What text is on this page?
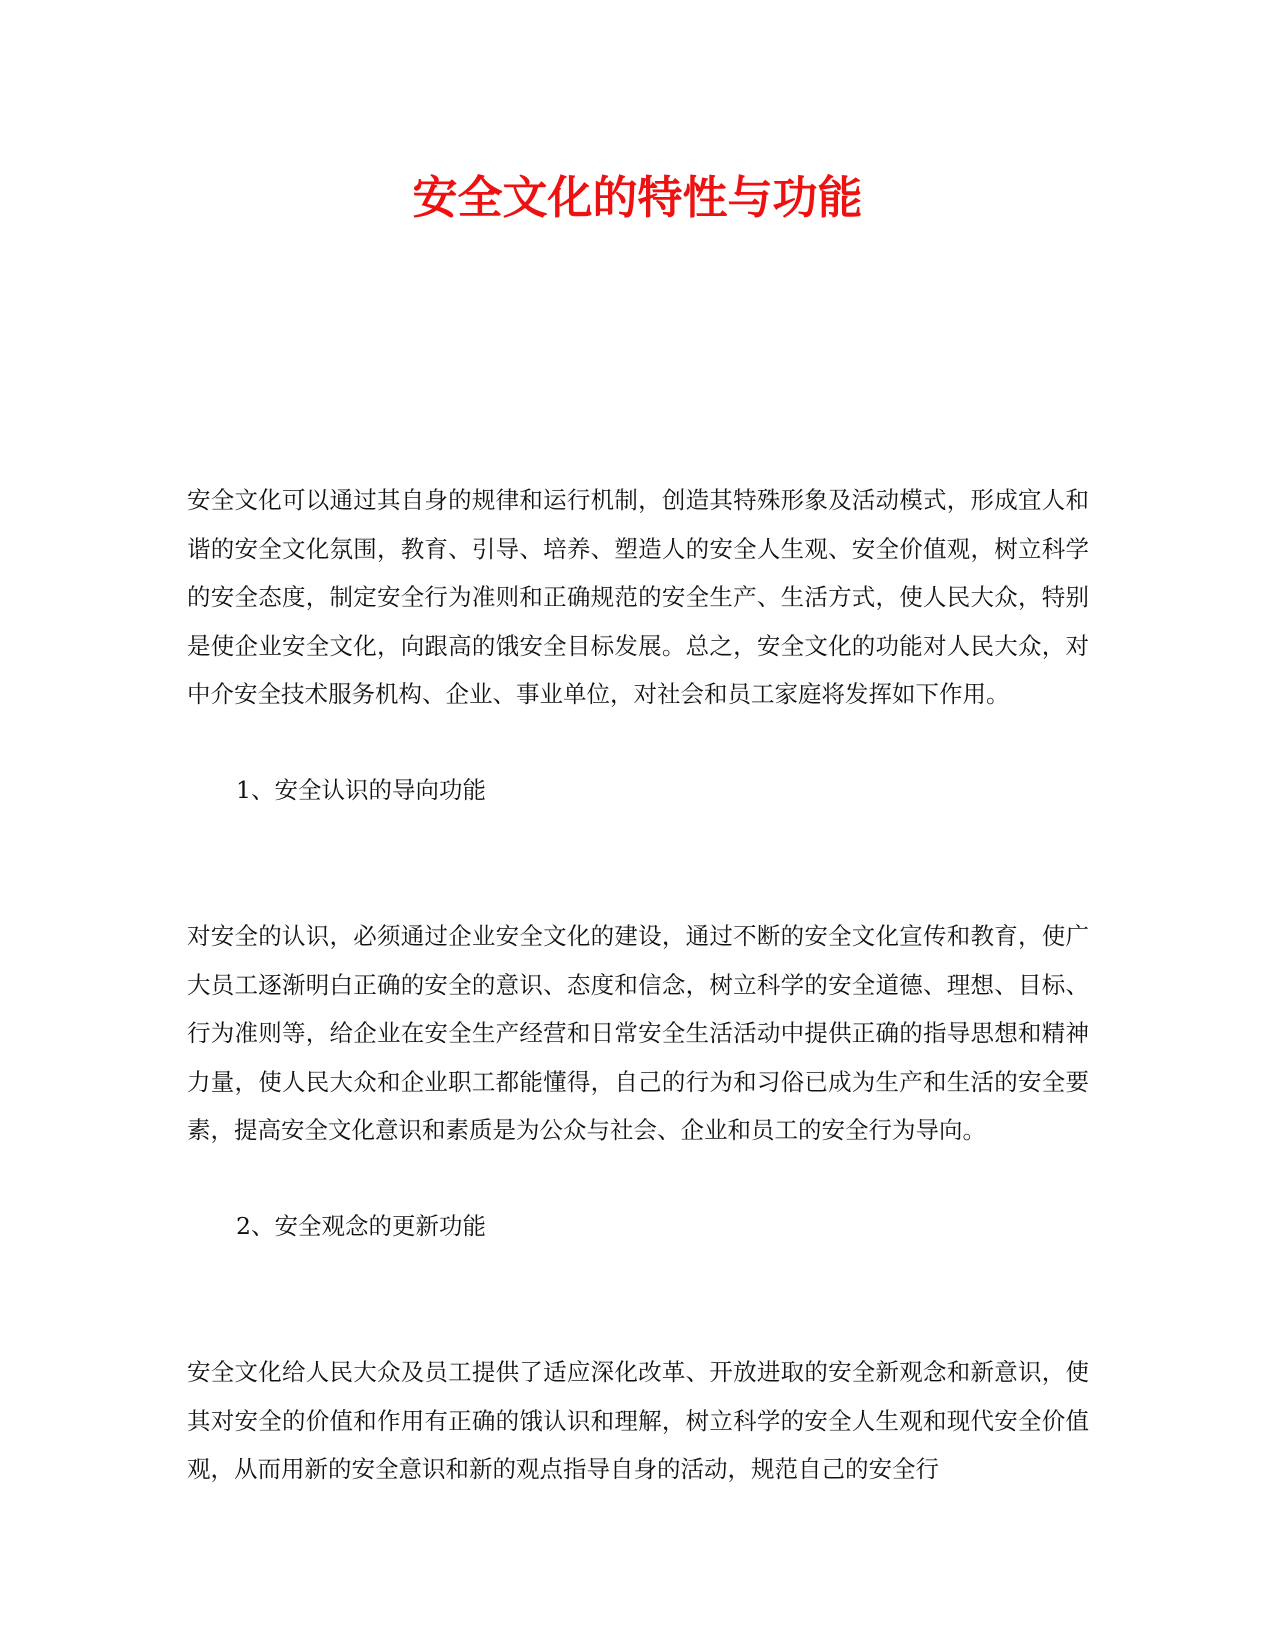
安全文化的特性与功能

安全文化可以通过其自身的规律和运行机制，创造其特殊形象及活动模式，形成宜人和谐的安全文化氛围，教育、引导、培养、塑造人的安全人生观、安全价值观，树立科学的安全态度，制定安全行为准则和正确规范的安全生产、生活方式，使人民大众，特别是使企业安全文化，向跟高的饿安全目标发展。总之，安全文化的功能对人民大众，对中介安全技术服务机构、企业、事业单位，对社会和员工家庭将发挥如下作用。

1、安全认识的导向功能

对安全的认识，必须通过企业安全文化的建设，通过不断的安全文化宣传和教育，使广大员工逐渐明白正确的安全的意识、态度和信念，树立科学的安全道德、理想、目标、行为准则等，给企业在安全生产经营和日常安全生活活动中提供正确的指导思想和精神力量，使人民大众和企业职工都能懂得，自己的行为和习俗已成为生产和生活的安全要素，提高安全文化意识和素质是为公众与社会、企业和员工的安全行为导向。

2、安全观念的更新功能

安全文化给人民大众及员工提供了适应深化改革、开放进取的安全新观念和新意识，使其对安全的价值和作用有正确的饿认识和理解，树立科学的安全人生观和现代安全价值观，从而用新的安全意识和新的观点指导自身的活动，规范自己的安全行
